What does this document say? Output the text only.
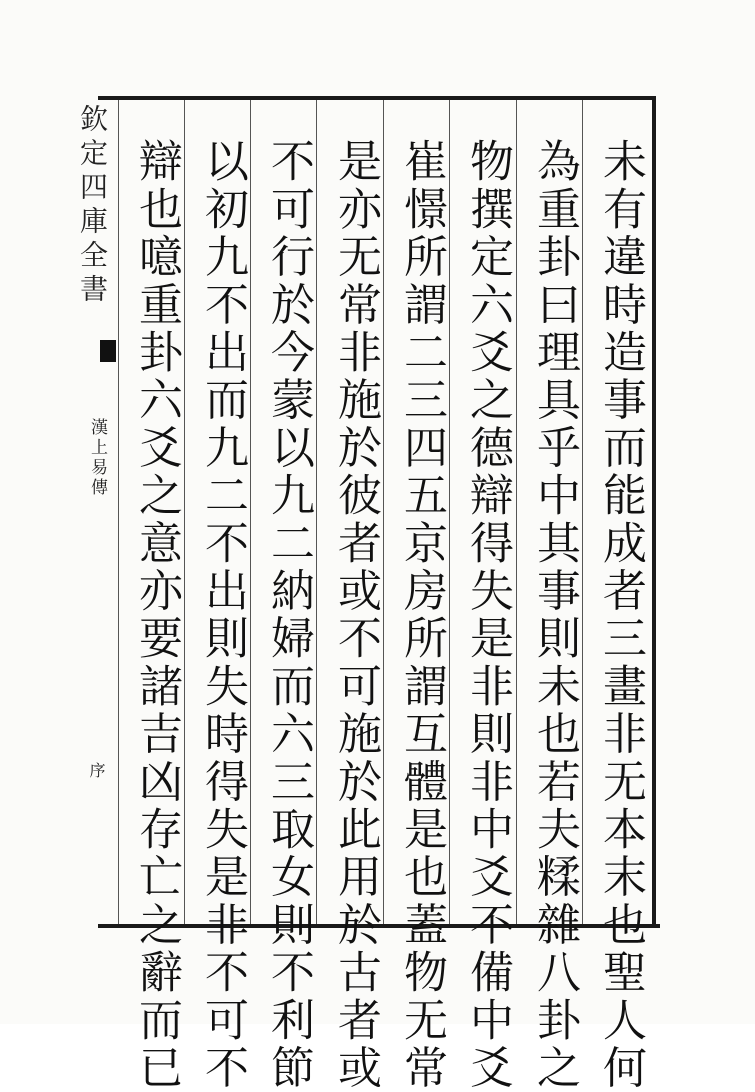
欽定四庫全書
漢上易傳
序	未有違時造事而能成者三畫非无本末也聖人何
為重卦曰理具乎中其事則未也若夫糅雜八卦之
物撰定六爻之德辯得失是非則非中爻不備中爻
崔憬所謂二三四五京房所謂互體是也蓋物无常
是亦无常非施於彼者或不可施於此用於古者或
不可行於今蒙以九二納婦而六三取女則不利節
以初九不出而九二不出則失時得失是非不可不
辯也噫重卦六爻之意亦要諸吉凶存亡之辭而已
